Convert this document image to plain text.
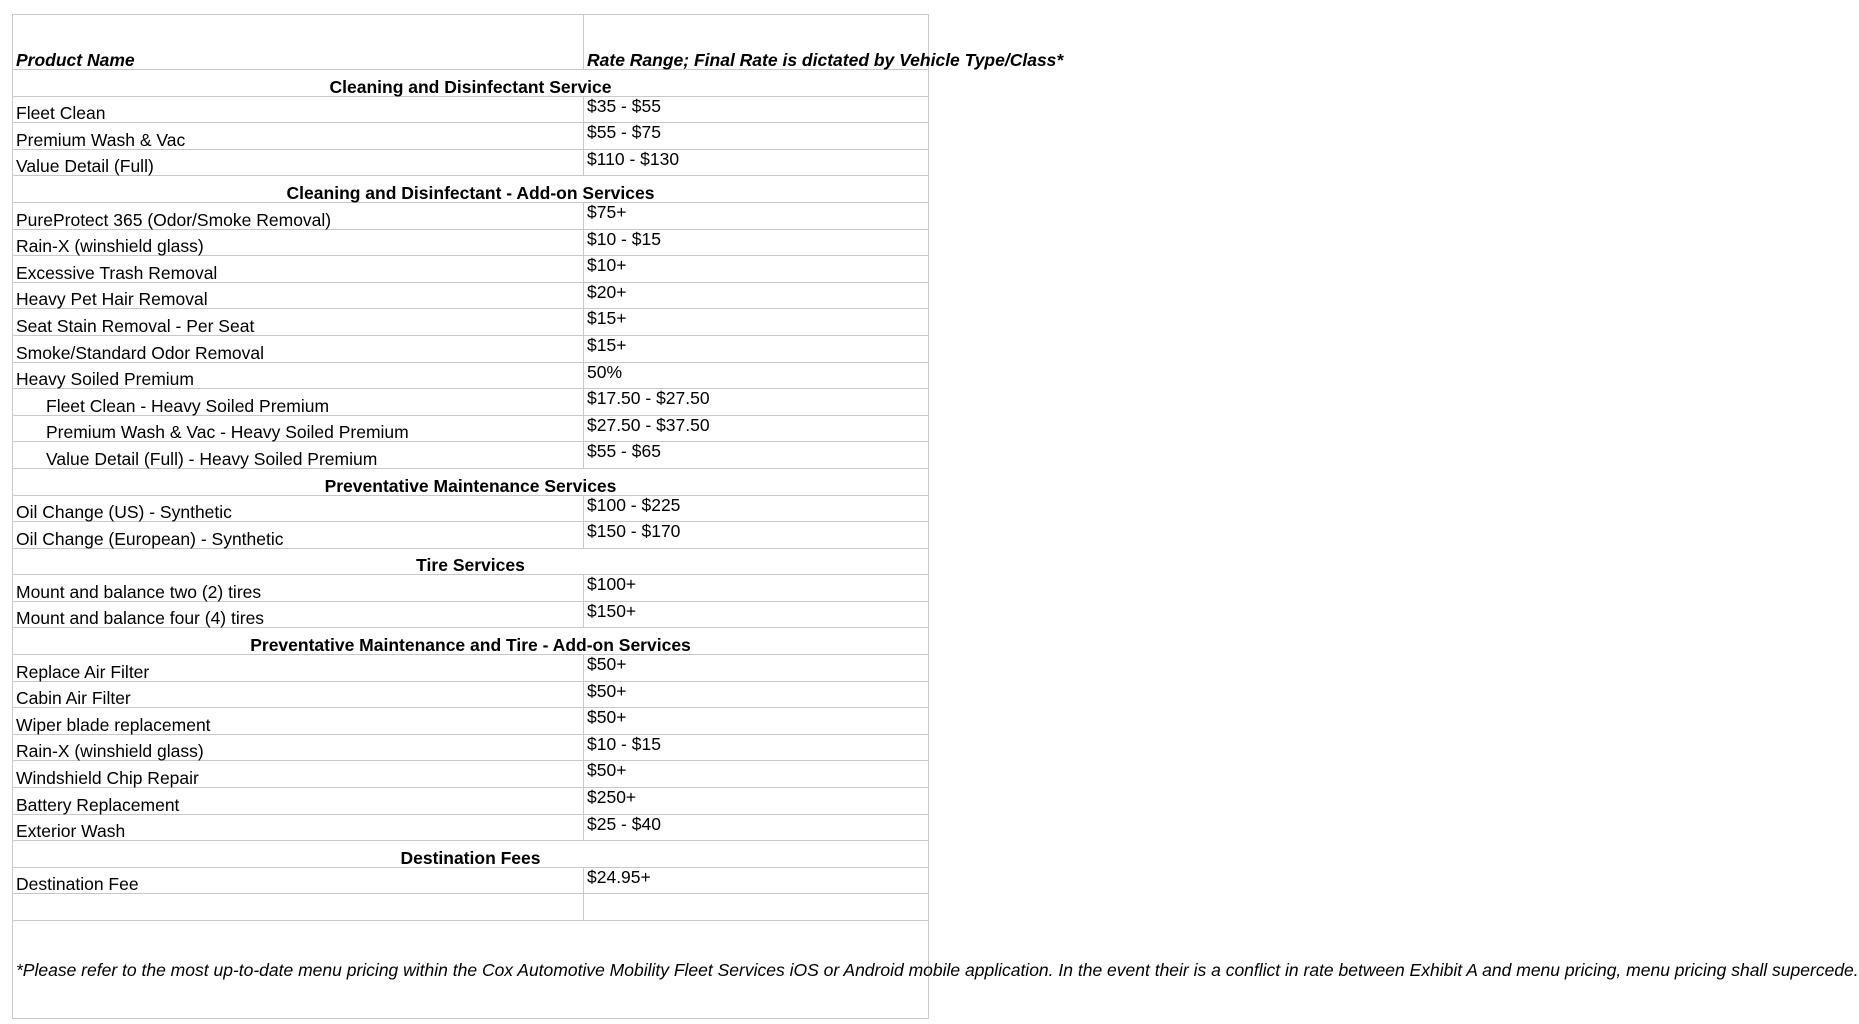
Product Name	Rate Range; Final Rate is dictated by Vehicle Type/Class*
Cleaning and Disinfectant Service	
Fleet Clean	$35 - $55
Premium Wash & Vac	$55 - $75
Value Detail (Full)	$110 - $130
Cleaning and Disinfectant - Add-on Services	
PureProtect 365 (Odor/Smoke Removal)	$75+
Rain-X (winshield glass)	$10 - $15
Excessive Trash Removal	$10+
Heavy Pet Hair Removal	$20+
Seat Stain Removal - Per Seat	$15+
Smoke/Standard Odor Removal	$15+
Heavy Soiled Premium	50%
Fleet Clean - Heavy Soiled Premium	$17.50 - $27.50
Premium Wash & Vac - Heavy Soiled Premium	$27.50 - $37.50
Value Detail (Full) - Heavy Soiled Premium	$55 - $65
Preventative Maintenance Services	
Oil Change (US) - Synthetic	$100 - $225
Oil Change (European) - Synthetic	$150 - $170
Tire Services	
Mount and balance two (2) tires	$100+
Mount and balance four (4) tires	$150+
Preventative Maintenance and Tire - Add-on Services	
Replace Air Filter	$50+
Cabin Air Filter	$50+
Wiper blade replacement	$50+
Rain-X (winshield glass)	$10 - $15
Windshield Chip Repair	$50+
Battery Replacement	$250+
Exterior Wash	$25 - $40
Destination Fees	
Destination Fee	$24.95+

*Please refer to the most up-to-date menu pricing within the Cox Automotive Mobility Fleet Services iOS or Android mobile application. In the event their is a conflict in rate between Exhibit A and menu pricing, menu pricing shall supercede.	
